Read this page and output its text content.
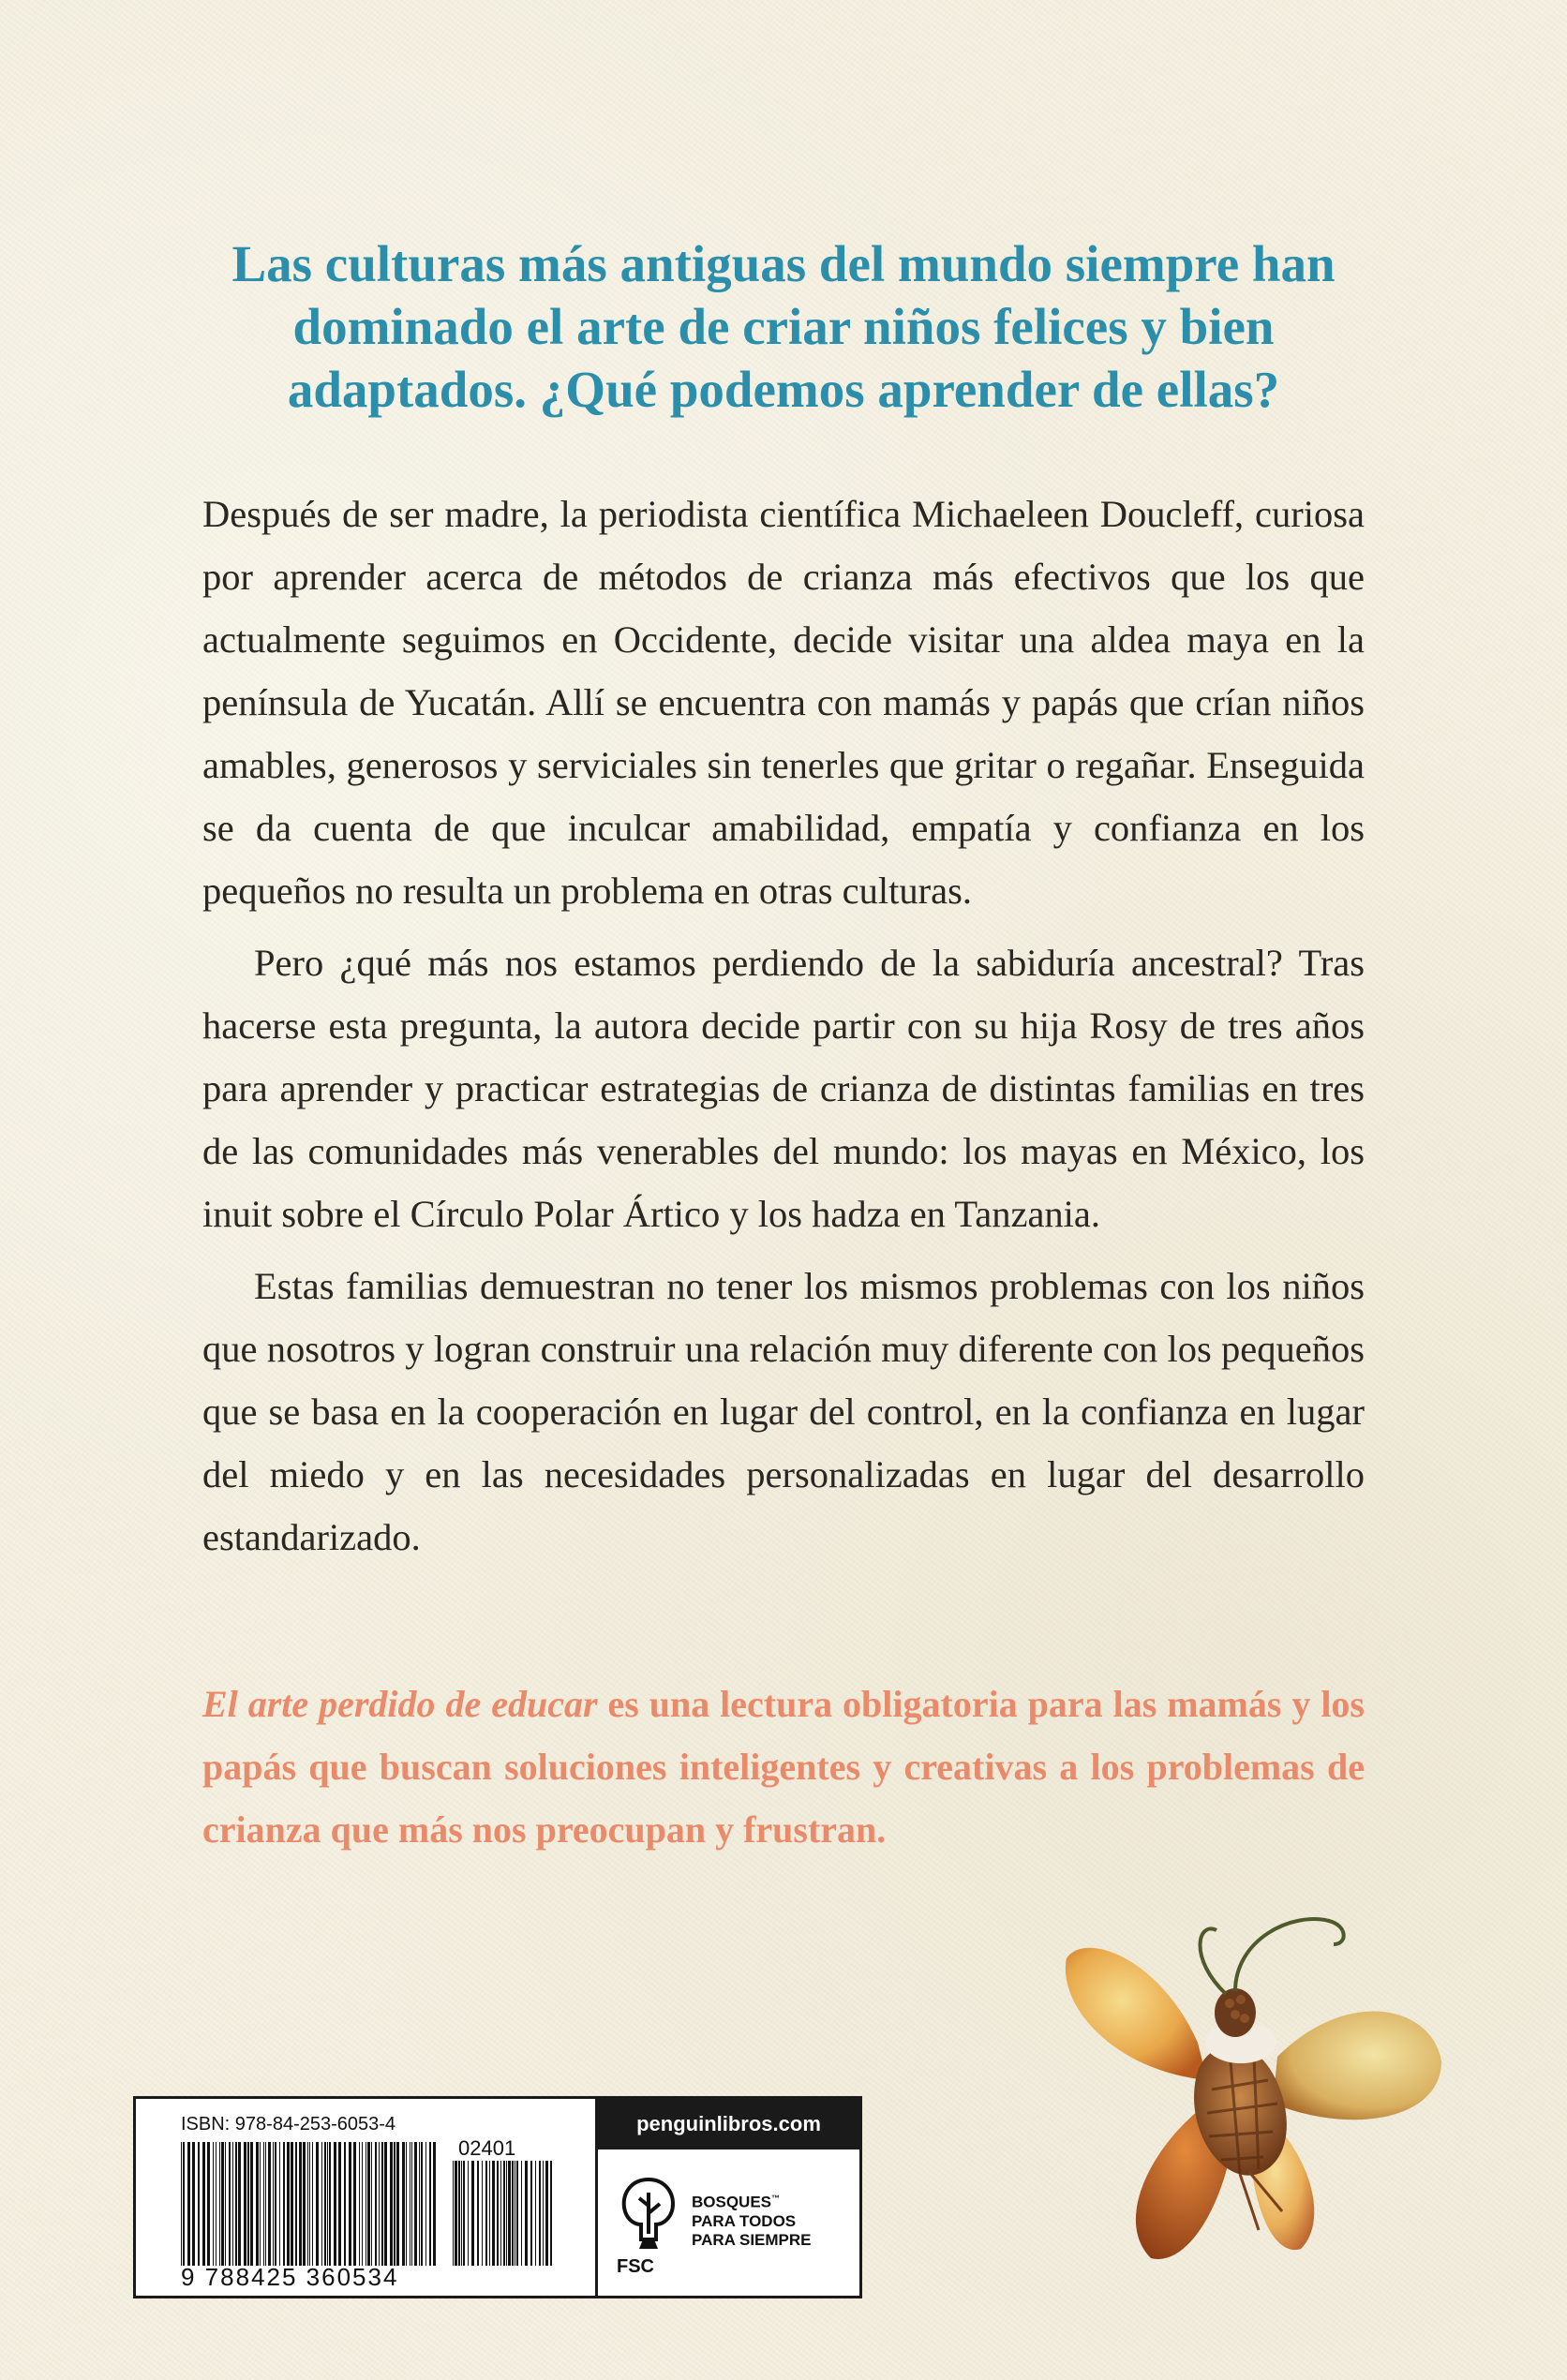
Las culturas más antiguas del mundo siempre han dominado el arte de criar niños felices y bien adaptados. ¿Qué podemos aprender de ellas?

Después de ser madre, la periodista científica Michaeleen Doucleff, curiosa por aprender acerca de métodos de crianza más efectivos que los que actualmente seguimos en Occidente, decide visitar una aldea maya en la península de Yucatán. Allí se encuentra con mamás y papás que crían niños amables, generosos y serviciales sin tenerles que gritar o regañar. Enseguida se da cuenta de que inculcar amabilidad, empatía y confianza en los pequeños no resulta un problema en otras culturas.

Pero ¿qué más nos estamos perdiendo de la sabiduría ancestral? Tras hacerse esta pregunta, la autora decide partir con su hija Rosy de tres años para aprender y practicar estrategias de crianza de distintas familias en tres de las comunidades más venerables del mundo: los mayas en México, los inuit sobre el Círculo Polar Ártico y los hadza en Tanzania.

Estas familias demuestran no tener los mismos problemas con los niños que nosotros y logran construir una relación muy diferente con los pequeños que se basa en la cooperación en lugar del control, en la confianza en lugar del miedo y en las necesidades personalizadas en lugar del desarrollo estandarizado.

El arte perdido de educar es una lectura obligatoria para las mamás y los papás que buscan soluciones inteligentes y creativas a los problemas de crianza que más nos preocupan y frustran.

ISBN: 978-84-253-6053-4
02401
9 788425 360534
penguinlibros.com
FSC
BOSQUES™
PARA TODOS
PARA SIEMPRE
